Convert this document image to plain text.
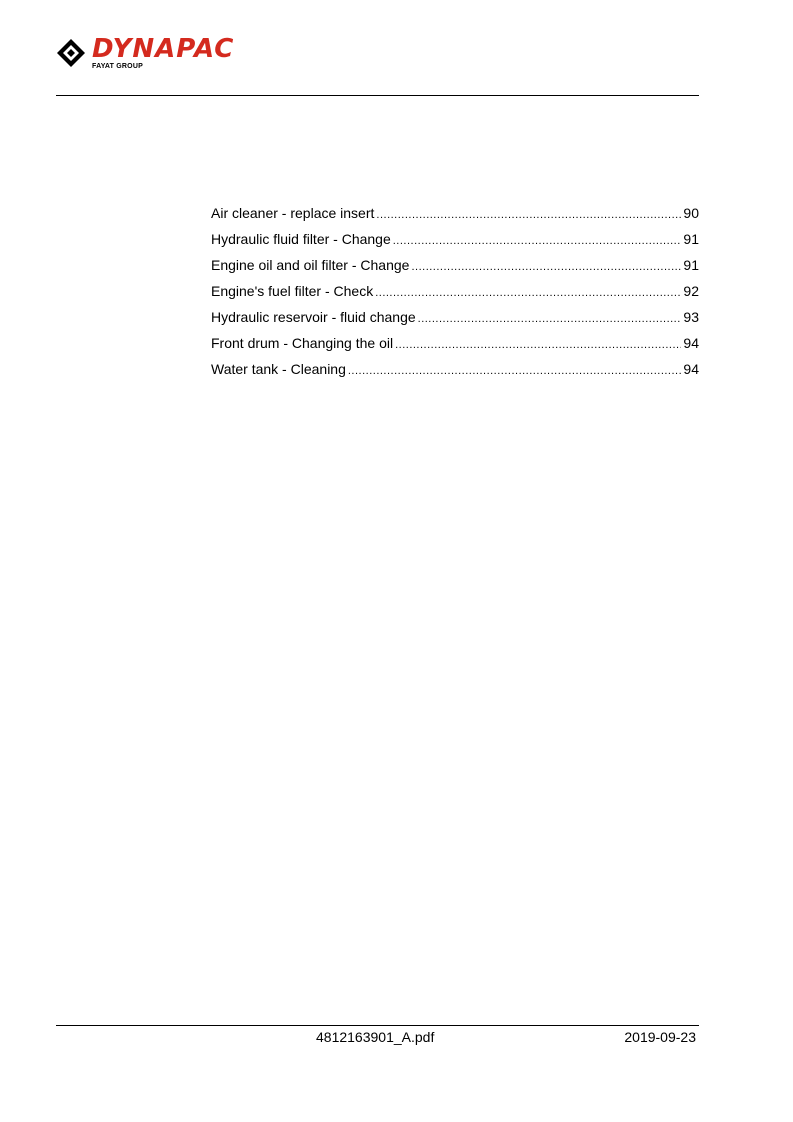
DYNAPAC
FAYAT GROUP
Air cleaner - replace insert .....	90
Hydraulic fluid filter - Change .....	91
Engine oil and oil filter - Change .....	91
Engine's fuel filter - Check .....	92
Hydraulic reservoir - fluid change .....	93
Front drum - Changing the oil .....	94
Water tank - Cleaning .....	94
4812163901_A.pdf	2019-09-23
